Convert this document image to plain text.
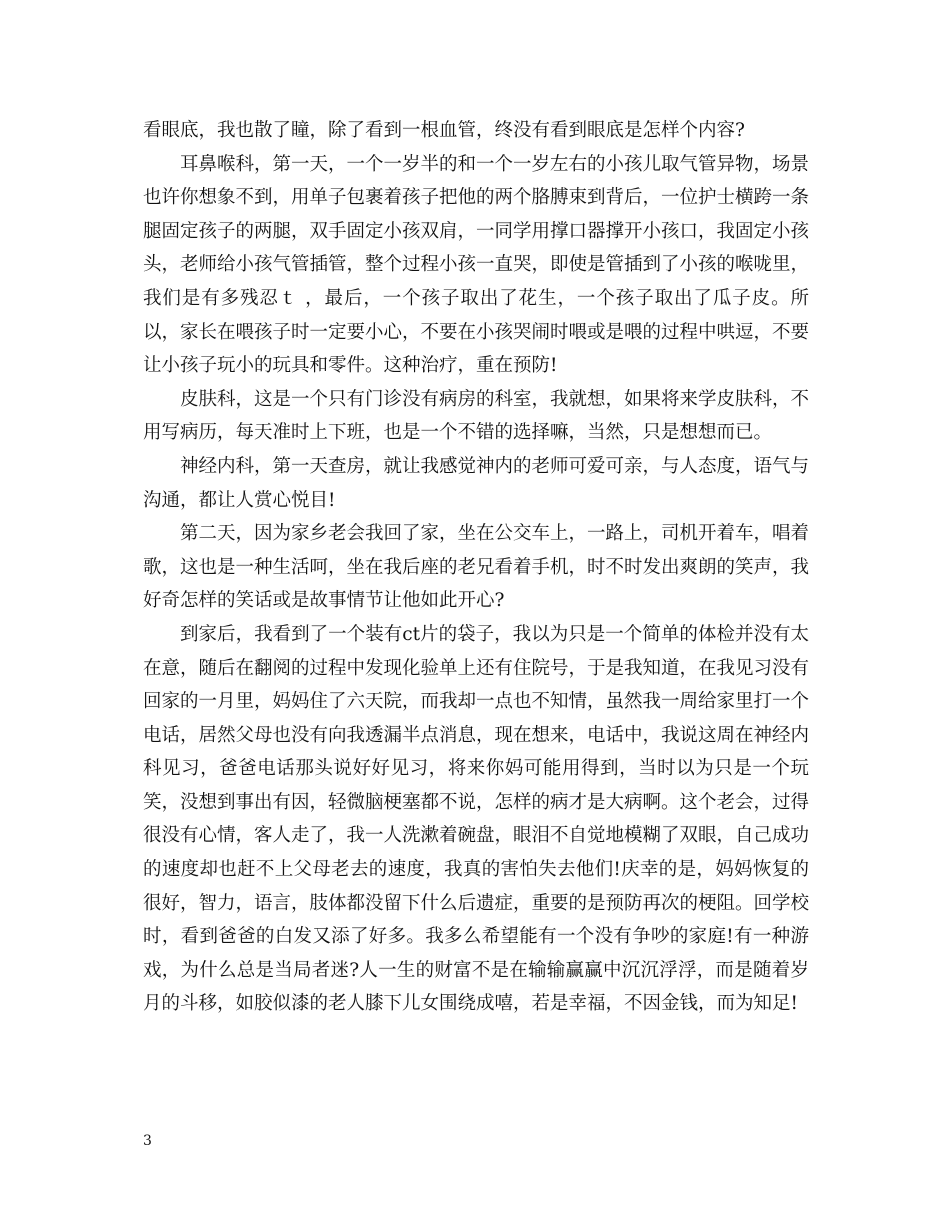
看眼底，我也散了瞳，除了看到一根血管，终没有看到眼底是怎样个内容?

耳鼻喉科，第一天，一个一岁半的和一个一岁左右的小孩儿取气管异物，场景也许你想象不到，用单子包裹着孩子把他的两个胳膊束到背后，一位护士横跨一条腿固定孩子的两腿，双手固定小孩双肩，一同学用撑口器撑开小孩口，我固定小孩头，老师给小孩气管插管，整个过程小孩一直哭，即使是管插到了小孩的喉咙里，我们是有多残忍ｔ ，最后，一个孩子取出了花生，一个孩子取出了瓜子皮。所以，家长在喂孩子时一定要小心，不要在小孩哭闹时喂或是喂的过程中哄逗，不要让小孩子玩小的玩具和零件。这种治疗，重在预防!

皮肤科，这是一个只有门诊没有病房的科室，我就想，如果将来学皮肤科，不用写病历，每天准时上下班，也是一个不错的选择嘛，当然，只是想想而已。

神经内科，第一天查房，就让我感觉神内的老师可爱可亲，与人态度，语气与沟通，都让人赏心悦目!

第二天，因为家乡老会我回了家，坐在公交车上，一路上，司机开着车，唱着歌，这也是一种生活呵，坐在我后座的老兄看着手机，时不时发出爽朗的笑声，我好奇怎样的笑话或是故事情节让他如此开心?

到家后，我看到了一个装有ct片的袋子，我以为只是一个简单的体检并没有太在意，随后在翻阅的过程中发现化验单上还有住院号，于是我知道，在我见习没有回家的一月里，妈妈住了六天院，而我却一点也不知情，虽然我一周给家里打一个电话，居然父母也没有向我透漏半点消息，现在想来，电话中，我说这周在神经内科见习，爸爸电话那头说好好见习，将来你妈可能用得到，当时以为只是一个玩笑，没想到事出有因，轻微脑梗塞都不说，怎样的病才是大病啊。这个老会，过得很没有心情，客人走了，我一人洗漱着碗盘，眼泪不自觉地模糊了双眼，自己成功的速度却也赶不上父母老去的速度，我真的害怕失去他们!庆幸的是，妈妈恢复的很好，智力，语言，肢体都没留下什么后遗症，重要的是预防再次的梗阻。回学校时，看到爸爸的白发又添了好多。我多么希望能有一个没有争吵的家庭!有一种游戏，为什么总是当局者迷?人一生的财富不是在输输赢赢中沉沉浮浮，而是随着岁月的斗移，如胶似漆的老人膝下儿女围绕成嘻，若是幸福，不因金钱，而为知足!

3
